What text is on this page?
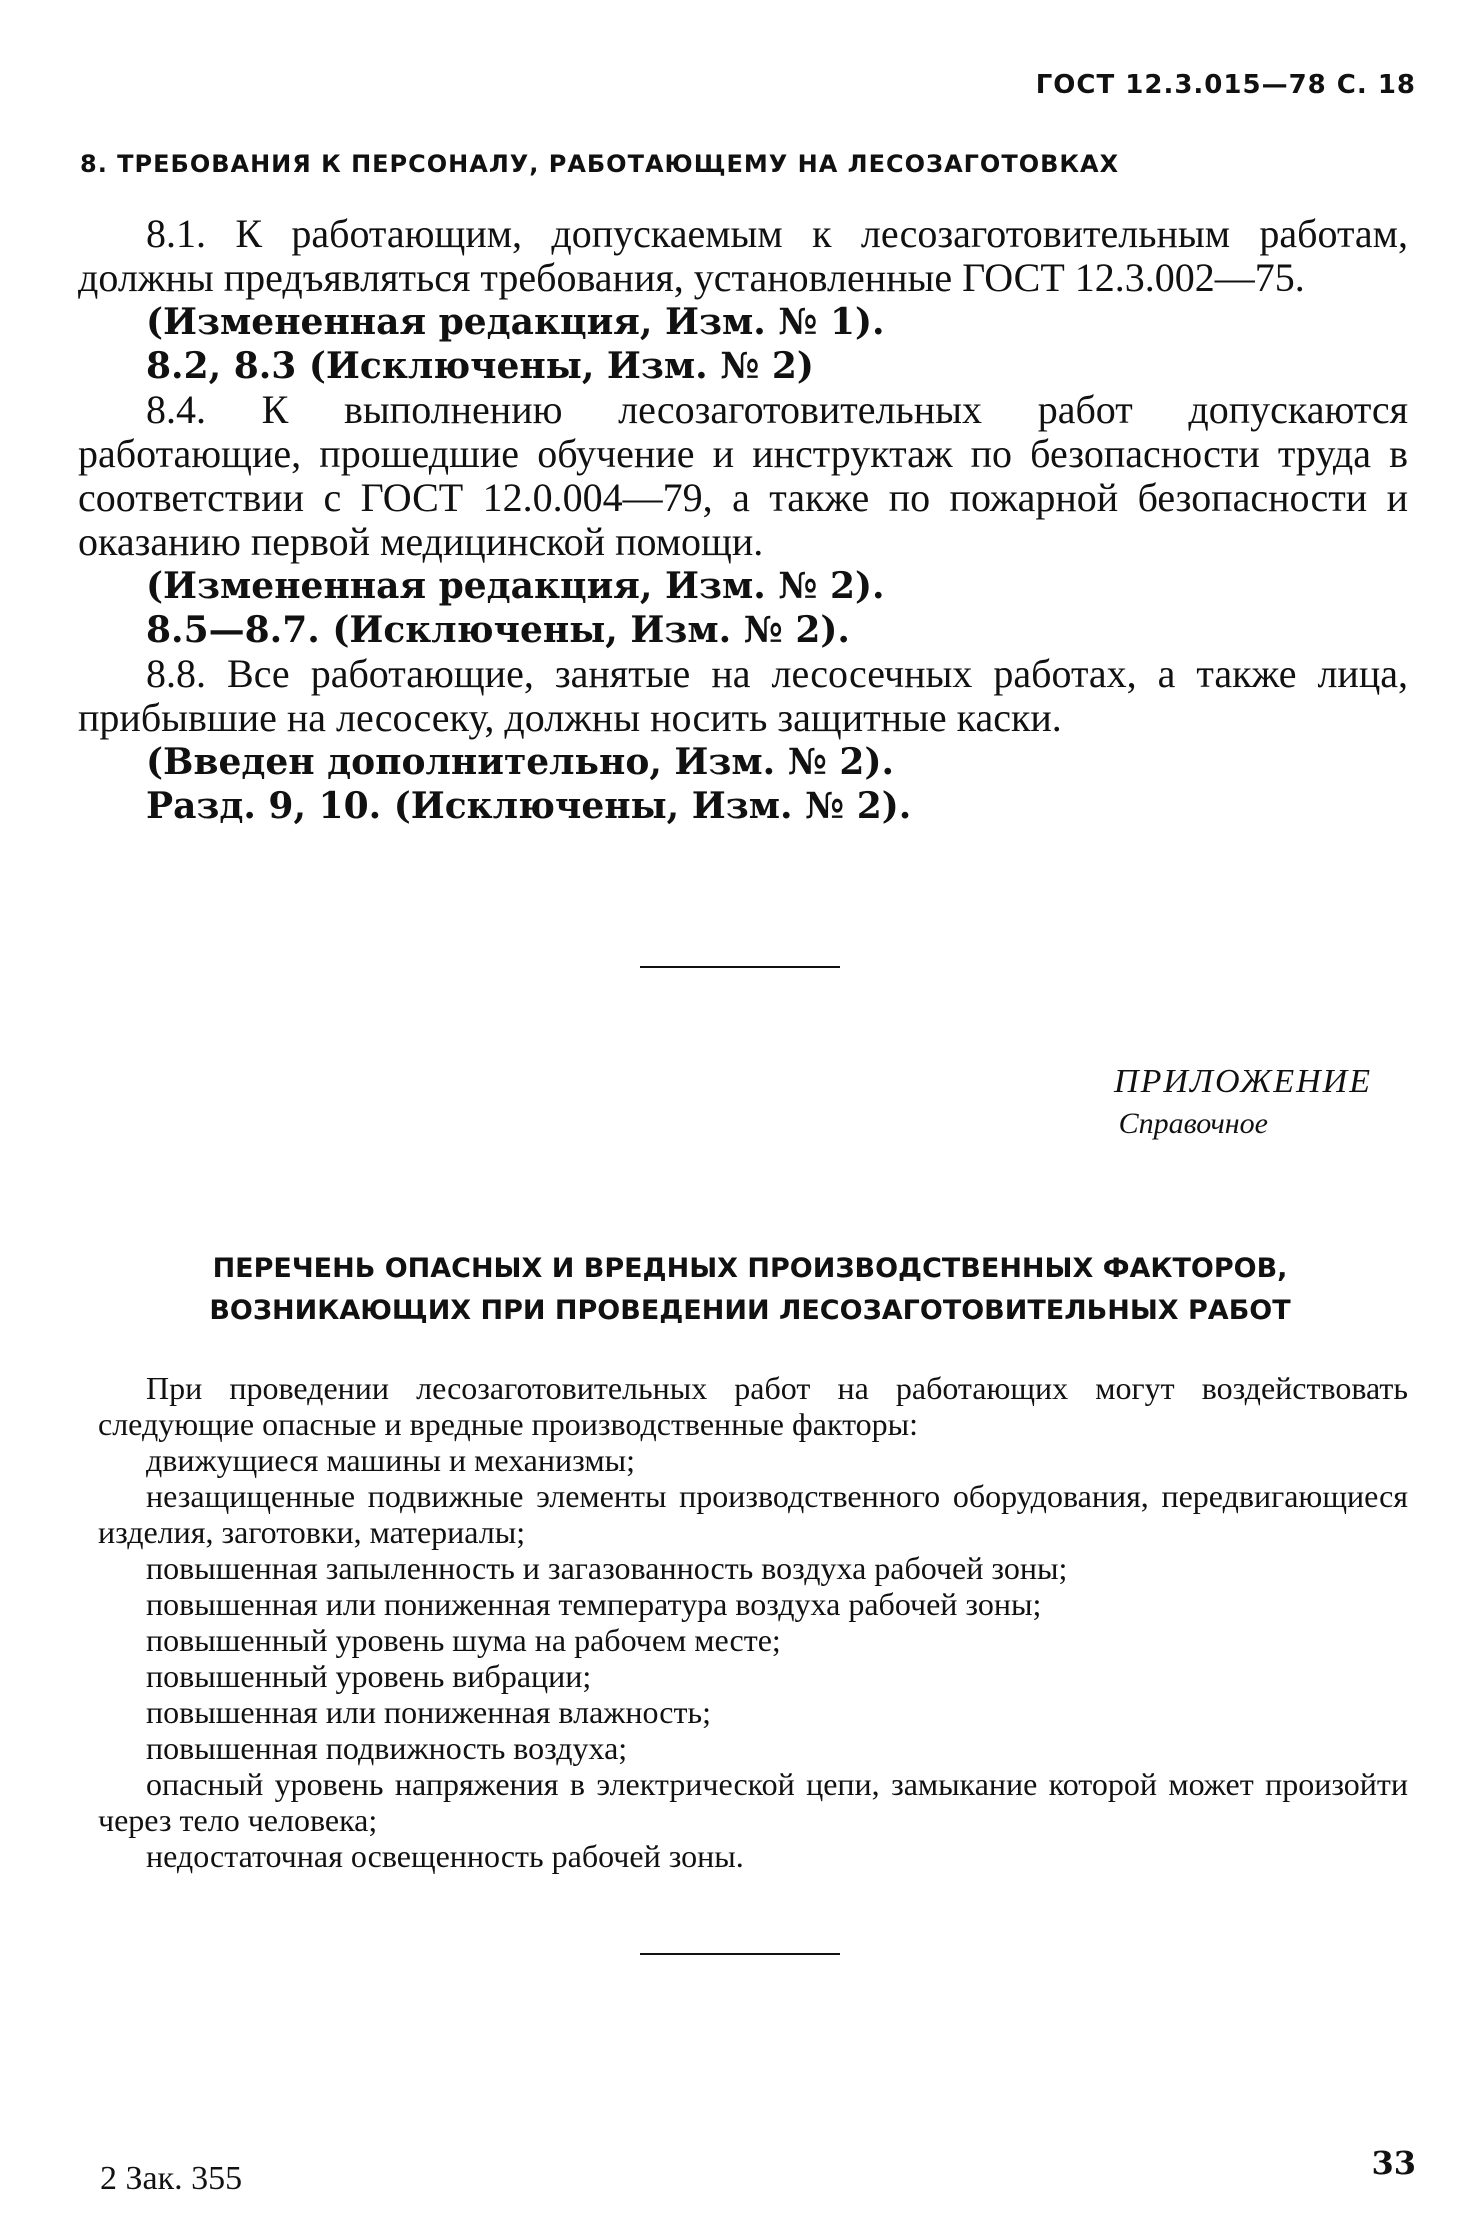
ГОСТ 12.3.015—78 С. 18
8. ТРЕБОВАНИЯ К ПЕРСОНАЛУ, РАБОТАЮЩЕМУ НА ЛЕСОЗАГОТОВКАХ

8.1. К работающим, допускаемым к лесозаготовительным работам, должны предъявляться требования, установленные ГОСТ 12.3.002—75.

(Измененная редакция, Изм. № 1).

8.2, 8.3 (Исключены, Изм. № 2)

8.4. К выполнению лесозаготовительных работ допускаются работающие, прошедшие обучение и инструктаж по безопасности труда в соответствии с ГОСТ 12.0.004—79, а также по пожарной безопасности и оказанию первой медицинской помощи.

(Измененная редакция, Изм. № 2).

8.5—8.7. (Исключены, Изм. № 2).

8.8. Все работающие, занятые на лесосечных работах, а также лица, прибывшие на лесосеку, должны носить защитные каски.

(Введен дополнительно, Изм. № 2).

Разд. 9, 10. (Исключены, Изм. № 2).

ПРИЛОЖЕНИЕ
Справочное
ПЕРЕЧЕНЬ ОПАСНЫХ И ВРЕДНЫХ ПРОИЗВОДСТВЕННЫХ ФАКТОРОВ,
ВОЗНИКАЮЩИХ ПРИ ПРОВЕДЕНИИ ЛЕСОЗАГОТОВИТЕЛЬНЫХ РАБОТ

При проведении лесозаготовительных работ на работающих могут воздействовать следующие опасные и вредные производственные факторы:

движущиеся машины и механизмы;

незащищенные подвижные элементы производственного оборудования, передвигающиеся изделия, заготовки, материалы;

повышенная запыленность и загазованность воздуха рабочей зоны;

повышенная или пониженная температура воздуха рабочей зоны;

повышенный уровень шума на рабочем месте;

повышенный уровень вибрации;

повышенная или пониженная влажность;

повышенная подвижность воздуха;

опасный уровень напряжения в электрической цепи, замыкание которой может произойти через тело человека;

недостаточная освещенность рабочей зоны.

2 Зак. 355	33
